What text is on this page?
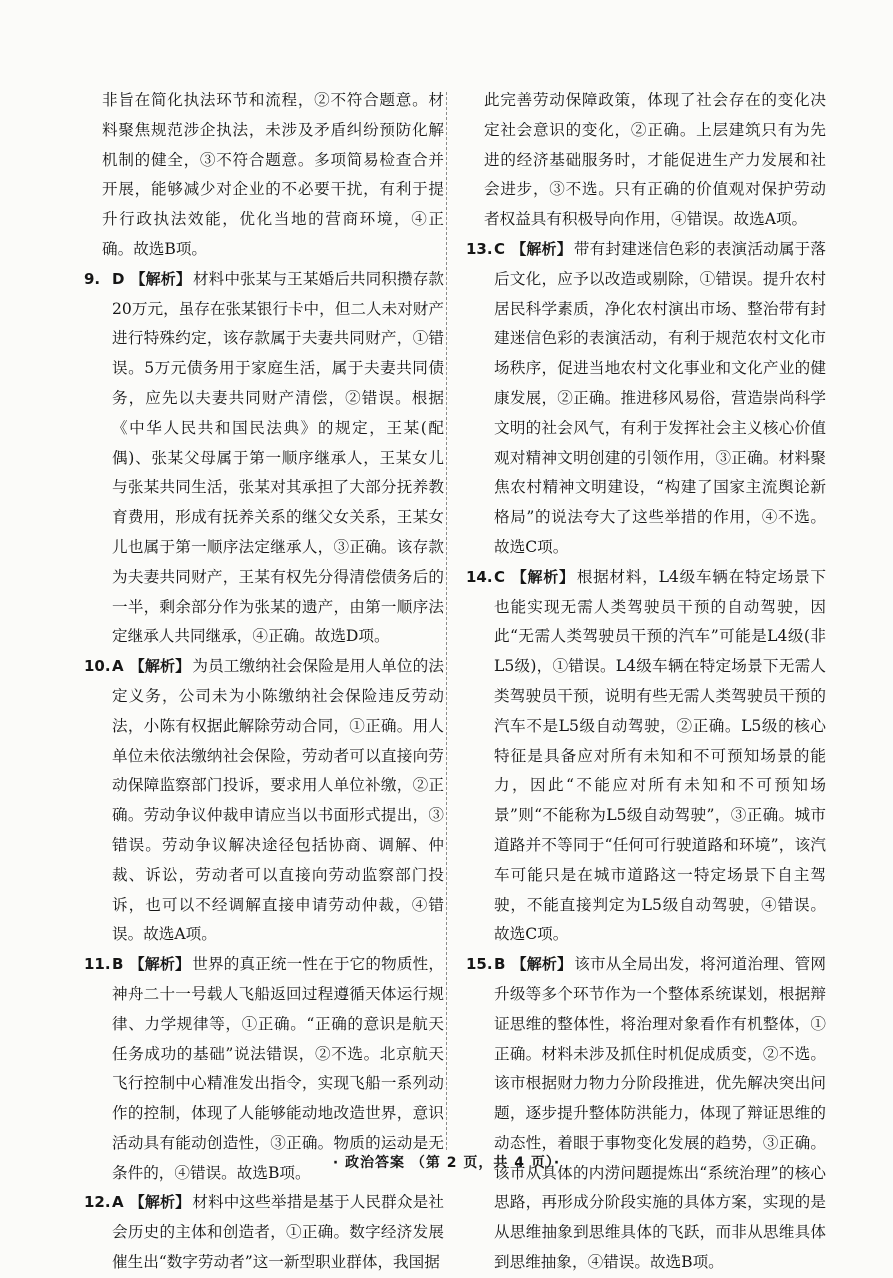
非旨在简化执法环节和流程，②不符合题意。材料聚焦规范涉企执法，未涉及矛盾纠纷预防化解机制的健全，③不符合题意。多项简易检查合并开展，能够减少对企业的不必要干扰，有利于提升行政执法效能，优化当地的营商环境，④正确。故选B项。

9. D 【解析】 材料中张某与王某婚后共同积攒存款20万元，虽存在张某银行卡中，但二人未对财产进行特殊约定，该存款属于夫妻共同财产，①错误。5万元债务用于家庭生活，属于夫妻共同债务，应先以夫妻共同财产清偿，②错误。根据《中华人民共和国民法典》的规定，王某(配偶)、张某父母属于第一顺序继承人，王某女儿与张某共同生活，张某对其承担了大部分抚养教育费用，形成有抚养关系的继父女关系，王某女儿也属于第一顺序法定继承人，③正确。该存款为夫妻共同财产，王某有权先分得清偿债务后的一半，剩余部分作为张某的遗产，由第一顺序法定继承人共同继承，④正确。故选D项。

10. A 【解析】 为员工缴纳社会保险是用人单位的法定义务，公司未为小陈缴纳社会保险违反劳动法，小陈有权据此解除劳动合同，①正确。用人单位未依法缴纳社会保险，劳动者可以直接向劳动保障监察部门投诉，要求用人单位补缴，②正确。劳动争议仲裁申请应当以书面形式提出，③错误。劳动争议解决途径包括协商、调解、仲裁、诉讼，劳动者可以直接向劳动监察部门投诉，也可以不经调解直接申请劳动仲裁，④错误。故选A项。

11. B 【解析】 世界的真正统一性在于它的物质性，神舟二十一号载人飞船返回过程遵循天体运行规律、力学规律等，①正确。“正确的意识是航天任务成功的基础”说法错误，②不选。北京航天飞行控制中心精准发出指令，实现飞船一系列动作的控制，体现了人能够能动地改造世界，意识活动具有能动创造性，③正确。物质的运动是无条件的，④错误。故选B项。

12. A 【解析】 材料中这些举措是基于人民群众是社会历史的主体和创造者，①正确。数字经济发展催生出“数字劳动者”这一新型职业群体，我国据

此完善劳动保障政策，体现了社会存在的变化决定社会意识的变化，②正确。上层建筑只有为先进的经济基础服务时，才能促进生产力发展和社会进步，③不选。只有正确的价值观对保护劳动者权益具有积极导向作用，④错误。故选A项。

13. C 【解析】 带有封建迷信色彩的表演活动属于落后文化，应予以改造或剔除，①错误。提升农村居民科学素质，净化农村演出市场、整治带有封建迷信色彩的表演活动，有利于规范农村文化市场秩序，促进当地农村文化事业和文化产业的健康发展，②正确。推进移风易俗，营造崇尚科学文明的社会风气，有利于发挥社会主义核心价值观对精神文明创建的引领作用，③正确。材料聚焦农村精神文明建设，“构建了国家主流舆论新格局”的说法夸大了这些举措的作用，④不选。故选C项。

14. C 【解析】 根据材料，L4级车辆在特定场景下也能实现无需人类驾驶员干预的自动驾驶，因此“无需人类驾驶员干预的汽车”可能是L4级(非L5级)，①错误。L4级车辆在特定场景下无需人类驾驶员干预，说明有些无需人类驾驶员干预的汽车不是L5级自动驾驶，②正确。L5级的核心特征是具备应对所有未知和不可预知场景的能力，因此“不能应对所有未知和不可预知场景”则“不能称为L5级自动驾驶”，③正确。城市道路并不等同于“任何可行驶道路和环境”，该汽车可能只是在城市道路这一特定场景下自主驾驶，不能直接判定为L5级自动驾驶，④错误。故选C项。

15. B 【解析】 该市从全局出发，将河道治理、管网升级等多个环节作为一个整体系统谋划，根据辩证思维的整体性，将治理对象看作有机整体，①正确。材料未涉及抓住时机促成质变，②不选。该市根据财力物力分阶段推进，优先解决突出问题，逐步提升整体防洪能力，体现了辩证思维的动态性，着眼于事物变化发展的趋势，③正确。该市从具体的内涝问题提炼出“系统治理”的核心思路，再形成分阶段实施的具体方案，实现的是从思维抽象到思维具体的飞跃，而非从思维具体到思维抽象，④错误。故选B项。

· 政治答案 （第 2 页，共 4 页）·
